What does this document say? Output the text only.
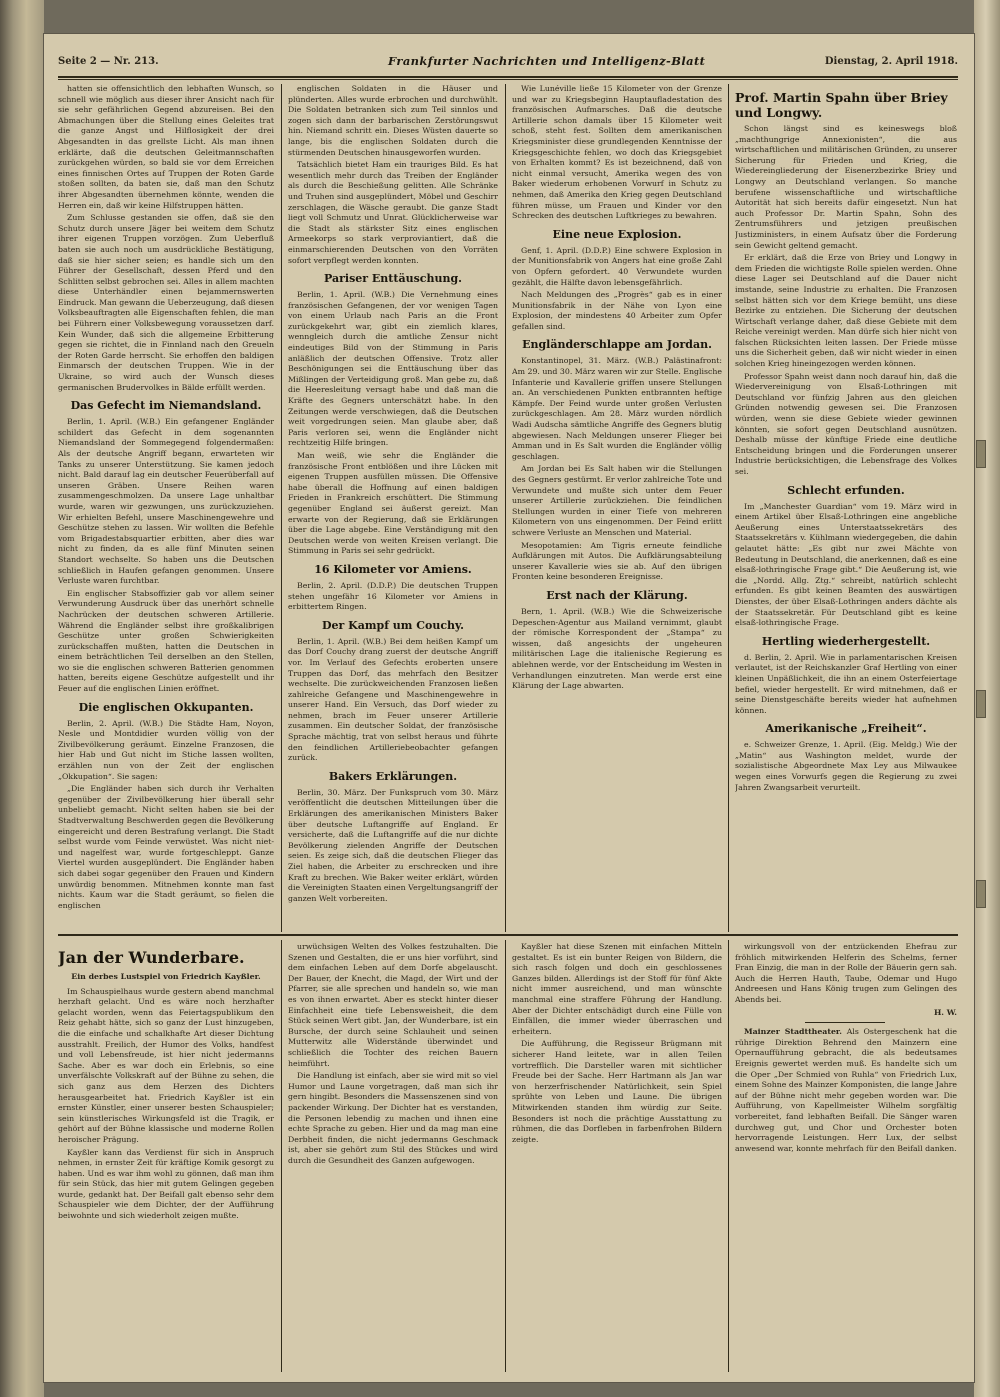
Seite 2 — Nr. 213.	Frankfurter Nachrichten und Intelligenz-Blatt	Dienstag, 2. April 1918.

hatten sie offensichtlich den lebhaften Wunsch, so schnell wie möglich aus dieser ihrer Ansicht nach für sie sehr gefährlichen Gegend abzureisen. Bei den Abmachungen über die Stellung eines Geleites trat die ganze Angst und Hilflosigkeit der drei Abgesandten in das grellste Licht. Als man ihnen erklärte, daß die deutschen Geleitmannschaften zurückgehen würden, so bald sie vor dem Erreichen eines finnischen Ortes auf Truppen der Roten Garde stoßen sollten, da baten sie, daß man den Schutz ihrer Abgesandten übernehmen könnte, wenden die Herren ein, daß wir keine Hilfstruppen hätten.

Zum Schlusse gestanden sie offen, daß sie den Schutz durch unsere Jäger bei weitem dem Schutz ihrer eigenen Truppen vorzögen. Zum Ueberfluß baten sie auch noch um ausdrückliche Bestätigung, daß sie hier sicher seien; es handle sich um den Führer der Gesellschaft, dessen Pferd und den Schlitten selbst gebrochen sei. Alles in allem machten diese Unterhändler einen bejammernswerten Eindruck. Man gewann die Ueberzeugung, daß diesen Volksbeauftragten alle Eigenschaften fehlen, die man bei Führern einer Volksbewegung voraussetzen darf. Kein Wunder, daß sich die allgemeine Erbitterung gegen sie richtet, die in Finnland nach den Greueln der Roten Garde herrscht. Sie erhoffen den baldigen Einmarsch der deutschen Truppen. Wie in der Ukraine, so wird auch der Wunsch dieses germanischen Brudervolkes in Bälde erfüllt werden.

Das Gefecht im Niemandsland.

Berlin, 1. April. (W.B.) Ein gefangener Engländer schildert das Gefecht in dem sogenannten Niemandsland der Sommegegend folgendermaßen: Als der deutsche Angriff begann, erwarteten wir Tanks zu unserer Unterstützung. Sie kamen jedoch nicht. Bald darauf lag ein deutscher Feuerüberfall auf unseren Gräben. Unsere Reihen waren zusammengeschmolzen. Da unsere Lage unhaltbar wurde, waren wir gezwungen, uns zurückzuziehen. Wir erhielten Befehl, unsere Maschinengewehre und Geschütze stehen zu lassen. Wir wollten die Befehle vom Brigadestabsquartier erbitten, aber dies war nicht zu finden, da es alle fünf Minuten seinen Standort wechselte. So haben uns die Deutschen schließlich in Haufen gefangen genommen. Unsere Verluste waren furchtbar.

Ein englischer Stabsoffizier gab vor allem seiner Verwunderung Ausdruck über das unerhört schnelle Nachrücken der deutschen schweren Artillerie. Während die Engländer selbst ihre großkalibrigen Geschütze unter großen Schwierigkeiten zurückschaffen mußten, hatten die Deutschen in einem beträchtlichen Teil derselben an den Stellen, wo sie die englischen schweren Batterien genommen hatten, bereits eigene Geschütze aufgestellt und ihr Feuer auf die englischen Linien eröffnet.

Die englischen Okkupanten.

Berlin, 2. April. (W.B.) Die Städte Ham, Noyon, Nesle und Montdidier wurden völlig von der Zivilbevölkerung geräumt. Einzelne Franzosen, die hier Hab und Gut nicht im Stiche lassen wollten, erzählen nun von der Zeit der englischen „Okkupation“. Sie sagen:

„Die Engländer haben sich durch ihr Verhalten gegenüber der Zivilbevölkerung hier überall sehr unbeliebt gemacht. Nicht selten haben sie bei der Stadtverwaltung Beschwerden gegen die Bevölkerung eingereicht und deren Bestrafung verlangt. Die Stadt selbst wurde vom Feinde verwüstet. Was nicht niet- und nagelfest war, wurde fortgeschleppt. Ganze Viertel wurden ausgeplündert. Die Engländer haben sich dabei sogar gegenüber den Frauen und Kindern unwürdig benommen. Mitnehmen konnte man fast nichts. Kaum war die Stadt geräumt, so fielen die englischen

englischen Soldaten in die Häuser und plünderten. Alles wurde erbrochen und durchwühlt. Die Soldaten betranken sich zum Teil sinnlos und zogen sich dann der barbarischen Zerstörungswut hin. Niemand schritt ein. Dieses Wüsten dauerte so lange, bis die englischen Soldaten durch die stürmenden Deutschen hinausgeworfen wurden.

Tatsächlich bietet Ham ein trauriges Bild. Es hat wesentlich mehr durch das Treiben der Engländer als durch die Beschießung gelitten. Alle Schränke und Truhen sind ausgeplündert, Möbel und Geschirr zerschlagen, die Wäsche geraubt. Die ganze Stadt liegt voll Schmutz und Unrat. Glücklicherweise war die Stadt als stärkster Sitz eines englischen Armeekorps so stark verproviantiert, daß die einmarschierenden Deutschen von den Vorräten sofort verpflegt werden konnten.

Pariser Enttäuschung.

Berlin, 1. April. (W.B.) Die Vernehmung eines französischen Gefangenen, der vor wenigen Tagen von einem Urlaub nach Paris an die Front zurückgekehrt war, gibt ein ziemlich klares, wenngleich durch die amtliche Zensur nicht eindeutiges Bild von der Stimmung in Paris anläßlich der deutschen Offensive. Trotz aller Beschönigungen sei die Enttäuschung über das Mißlingen der Verteidigung groß. Man gebe zu, daß die Heeresleitung versagt habe und daß man die Kräfte des Gegners unterschätzt habe. In den Zeitungen werde verschwiegen, daß die Deutschen weit vorgedrungen seien. Man glaube aber, daß Paris verloren sei, wenn die Engländer nicht rechtzeitig Hilfe bringen.

Man weiß, wie sehr die Engländer die französische Front entblößen und ihre Lücken mit eigenen Truppen ausfüllen müssen. Die Offensive habe überall die Hoffnung auf einen baldigen Frieden in Frankreich erschüttert. Die Stimmung gegenüber England sei äußerst gereizt. Man erwarte von der Regierung, daß sie Erklärungen über die Lage abgebe. Eine Verständigung mit den Deutschen werde von weiten Kreisen verlangt. Die Stimmung in Paris sei sehr gedrückt.

16 Kilometer vor Amiens.

Berlin, 2. April. (D.D.P.) Die deutschen Truppen stehen ungefähr 16 Kilometer vor Amiens in erbittertem Ringen.

Der Kampf um Couchy.

Berlin, 1. April. (W.B.) Bei dem heißen Kampf um das Dorf Couchy drang zuerst der deutsche Angriff vor. Im Verlauf des Gefechts eroberten unsere Truppen das Dorf, das mehrfach den Besitzer wechselte. Die zurückweichenden Franzosen ließen zahlreiche Gefangene und Maschinengewehre in unserer Hand. Ein Versuch, das Dorf wieder zu nehmen, brach im Feuer unserer Artillerie zusammen. Ein deutscher Soldat, der französische Sprache mächtig, trat von selbst heraus und führte den feindlichen Artilleriebeobachter gefangen zurück.

Bakers Erklärungen.

Berlin, 30. März. Der Funkspruch vom 30. März veröffentlicht die deutschen Mitteilungen über die Erklärungen des amerikanischen Ministers Baker über deutsche Luftangriffe auf England. Er versicherte, daß die Luftangriffe auf die nur dichte Bevölkerung zielenden Angriffe der Deutschen seien. Es zeige sich, daß die deutschen Flieger das Ziel haben, die Arbeiter zu erschrecken und ihre Kraft zu brechen. Wie Baker weiter erklärt, würden die Vereinigten Staaten einen Vergeltungsangriff der ganzen Welt vorbereiten.

Wie Lunéville ließe 15 Kilometer von der Grenze und war zu Kriegsbeginn Hauptaufladestation des französischen Aufmarsches. Daß die deutsche Artillerie schon damals über 15 Kilometer weit schoß, steht fest. Sollten dem amerikanischen Kriegsminister diese grundlegenden Kenntnisse der Kriegsgeschichte fehlen, wo doch das Kriegsgebiet von Erhalten kommt? Es ist bezeichnend, daß von nicht einmal versucht, Amerika wegen des von Baker wiederum erhobenen Vorwurf in Schutz zu nehmen, daß Amerika den Krieg gegen Deutschland führen müsse, um Frauen und Kinder vor den Schrecken des deutschen Luftkrieges zu bewahren.

Eine neue Explosion.

Genf, 1. April. (D.D.P.) Eine schwere Explosion in der Munitionsfabrik von Angers hat eine große Zahl von Opfern gefordert. 40 Verwundete wurden gezählt, die Hälfte davon lebensgefährlich.

Nach Meldungen des „Progrès“ gab es in einer Munitionsfabrik in der Nähe von Lyon eine Explosion, der mindestens 40 Arbeiter zum Opfer gefallen sind.

Engländerschlappe am Jordan.

Konstantinopel, 31. März. (W.B.) Palästinafront: Am 29. und 30. März waren wir zur Stelle. Englische Infanterie und Kavallerie griffen unsere Stellungen an. An verschiedenen Punkten entbrannten heftige Kämpfe. Der Feind wurde unter großen Verlusten zurückgeschlagen. Am 28. März wurden nördlich Wadi Audscha sämtliche Angriffe des Gegners blutig abgewiesen. Nach Meldungen unserer Flieger bei Amman und in Es Salt wurden die Engländer völlig geschlagen.

Am Jordan bei Es Salt haben wir die Stellungen des Gegners gestürmt. Er verlor zahlreiche Tote und Verwundete und mußte sich unter dem Feuer unserer Artillerie zurückziehen. Die feindlichen Stellungen wurden in einer Tiefe von mehreren Kilometern von uns eingenommen. Der Feind erlitt schwere Verluste an Menschen und Material.

Mesopotamien: Am Tigris erneute feindliche Aufklärungen mit Autos. Die Aufklärungsabteilung unserer Kavallerie wies sie ab. Auf den übrigen Fronten keine besonderen Ereignisse.

Erst nach der Klärung.

Bern, 1. April. (W.B.) Wie die Schweizerische Depeschen-Agentur aus Mailand vernimmt, glaubt der römische Korrespondent der „Stampa“ zu wissen, daß angesichts der ungeheuren militärischen Lage die italienische Regierung es ablehnen werde, vor der Entscheidung im Westen in Verhandlungen einzutreten. Man werde erst eine Klärung der Lage abwarten.

Prof. Martin Spahn über Briey und Longwy.

Schon längst sind es keineswegs bloß „machthungrige Annexionisten“, die aus wirtschaftlichen und militärischen Gründen, zu unserer Sicherung für Frieden und Krieg, die Wiedereingliederung der Eisenerzbezirke Briey und Longwy an Deutschland verlangen. So manche berufene wissenschaftliche und wirtschaftliche Autorität hat sich bereits dafür eingesetzt. Nun hat auch Professor Dr. Martin Spahn, Sohn des Zentrumsführers und jetzigen preußischen Justizministers, in einem Aufsatz über die Forderung sein Gewicht geltend gemacht.

Er erklärt, daß die Erze von Briey und Longwy in dem Frieden die wichtigste Rolle spielen werden. Ohne diese Lager sei Deutschland auf die Dauer nicht imstande, seine Industrie zu erhalten. Die Franzosen selbst hätten sich vor dem Kriege bemüht, uns diese Bezirke zu entziehen. Die Sicherung der deutschen Wirtschaft verlange daher, daß diese Gebiete mit dem Reiche vereinigt werden. Man dürfe sich hier nicht von falschen Rücksichten leiten lassen. Der Friede müsse uns die Sicherheit geben, daß wir nicht wieder in einen solchen Krieg hineingezogen werden können.

Professor Spahn weist dann noch darauf hin, daß die Wiedervereinigung von Elsaß-Lothringen mit Deutschland vor fünfzig Jahren aus den gleichen Gründen notwendig gewesen sei. Die Franzosen würden, wenn sie diese Gebiete wieder gewinnen könnten, sie sofort gegen Deutschland ausnützen. Deshalb müsse der künftige Friede eine deutliche Entscheidung bringen und die Forderungen unserer Industrie berücksichtigen, die Lebensfrage des Volkes sei.

Schlecht erfunden.

Im „Manchester Guardian“ vom 19. März wird in einem Artikel über Elsaß-Lothringen eine angebliche Aeußerung eines Unterstaatssekretärs des Staatssekretärs v. Kühlmann wiedergegeben, die dahin gelautet hätte: „Es gibt nur zwei Mächte von Bedeutung in Deutschland, die anerkennen, daß es eine elsaß-lothringische Frage gibt.“ Die Aeußerung ist, wie die „Nordd. Allg. Ztg.“ schreibt, natürlich schlecht erfunden. Es gibt keinen Beamten des auswärtigen Dienstes, der über Elsaß-Lothringen anders dächte als der Staatssekretär. Für Deutschland gibt es keine elsaß-lothringische Frage.

Hertling wiederhergestellt.

d. Berlin, 2. April. Wie in parlamentarischen Kreisen verlautet, ist der Reichskanzler Graf Hertling von einer kleinen Unpäßlichkeit, die ihn an einem Osterfeiertage befiel, wieder hergestellt. Er wird mitnehmen, daß er seine Dienstgeschäfte bereits wieder hat aufnehmen können.

Amerikanische „Freiheit“.

e. Schweizer Grenze, 1. April. (Eig. Meldg.) Wie der „Matin“ aus Washington meldet, wurde der sozialistische Abgeordnete Max Ley aus Milwaukee wegen eines Vorwurfs gegen die Regierung zu zwei Jahren Zwangsarbeit verurteilt.

Jan der Wunderbare.
Ein derbes Lustspiel von Friedrich Kayßler.

Im Schauspielhaus wurde gestern abend manchmal herzhaft gelacht. Und es wäre noch herzhafter gelacht worden, wenn das Feiertagspublikum den Reiz gehabt hätte, sich so ganz der Lust hinzugeben, die die einfache und schalkhafte Art dieser Dichtung ausstrahlt. Freilich, der Humor des Volks, handfest und voll Lebensfreude, ist hier nicht jedermanns Sache. Aber es war doch ein Erlebnis, so eine unverfälschte Volkskraft auf der Bühne zu sehen, die sich ganz aus dem Herzen des Dichters herausgearbeitet hat. Friedrich Kayßler ist ein ernster Künstler, einer unserer besten Schauspieler; sein künstlerisches Wirkungsfeld ist die Tragik, er gehört auf der Bühne klassische und moderne Rollen heroischer Prägung.

Kayßler kann das Verdienst für sich in Anspruch nehmen, in ernster Zeit für kräftige Komik gesorgt zu haben. Und es war ihm wohl zu gönnen, daß man ihm für sein Stück, das hier mit gutem Gelingen gegeben wurde, gedankt hat. Der Beifall galt ebenso sehr dem Schauspieler wie dem Dichter, der der Aufführung beiwohnte und sich wiederholt zeigen mußte.

urwüchsigen Welten des Volkes festzuhalten. Die Szenen und Gestalten, die er uns hier vorführt, sind dem einfachen Leben auf dem Dorfe abgelauscht. Der Bauer, der Knecht, die Magd, der Wirt und der Pfarrer, sie alle sprechen und handeln so, wie man es von ihnen erwartet. Aber es steckt hinter dieser Einfachheit eine tiefe Lebensweisheit, die dem Stück seinen Wert gibt. Jan, der Wunderbare, ist ein Bursche, der durch seine Schlauheit und seinen Mutterwitz alle Widerstände überwindet und schließlich die Tochter des reichen Bauern heimführt.

Die Handlung ist einfach, aber sie wird mit so viel Humor und Laune vorgetragen, daß man sich ihr gern hingibt. Besonders die Massenszenen sind von packender Wirkung. Der Dichter hat es verstanden, die Personen lebendig zu machen und ihnen eine echte Sprache zu geben. Hier und da mag man eine Derbheit finden, die nicht jedermanns Geschmack ist, aber sie gehört zum Stil des Stückes und wird durch die Gesundheit des Ganzen aufgewogen.

Kayßler hat diese Szenen mit einfachen Mitteln gestaltet. Es ist ein bunter Reigen von Bildern, die sich rasch folgen und doch ein geschlossenes Ganzes bilden. Allerdings ist der Stoff für fünf Akte nicht immer ausreichend, und man wünschte manchmal eine straffere Führung der Handlung. Aber der Dichter entschädigt durch eine Fülle von Einfällen, die immer wieder überraschen und erheitern.

Die Aufführung, die Regisseur Brügmann mit sicherer Hand leitete, war in allen Teilen vortrefflich. Die Darsteller waren mit sichtlicher Freude bei der Sache. Herr Hartmann als Jan war von herzerfrischender Natürlichkeit, sein Spiel sprühte von Leben und Laune. Die übrigen Mitwirkenden standen ihm würdig zur Seite. Besonders ist noch die prächtige Ausstattung zu rühmen, die das Dorfleben in farbenfrohen Bildern zeigte.

wirkungsvoll von der entzückenden Ehefrau zur fröhlich mitwirkenden Helferin des Schelms, ferner Fran Einzig, die man in der Rolle der Bäuerin gern sah. Auch die Herren Hauth, Taube, Odemar und Hugo Andreesen und Hans König trugen zum Gelingen des Abends bei.

H. W.

Mainzer Stadttheater. Als Ostergeschenk hat die rührige Direktion Behrend den Mainzern eine Opernaufführung gebracht, die als bedeutsames Ereignis gewertet werden muß. Es handelte sich um die Oper „Der Schmied von Ruhla“ von Friedrich Lux, einem Sohne des Mainzer Komponisten, die lange Jahre auf der Bühne nicht mehr gegeben worden war. Die Aufführung, von Kapellmeister Wilhelm sorgfältig vorbereitet, fand lebhaften Beifall. Die Sänger waren durchweg gut, und Chor und Orchester boten hervorragende Leistungen. Herr Lux, der selbst anwesend war, konnte mehrfach für den Beifall danken.
